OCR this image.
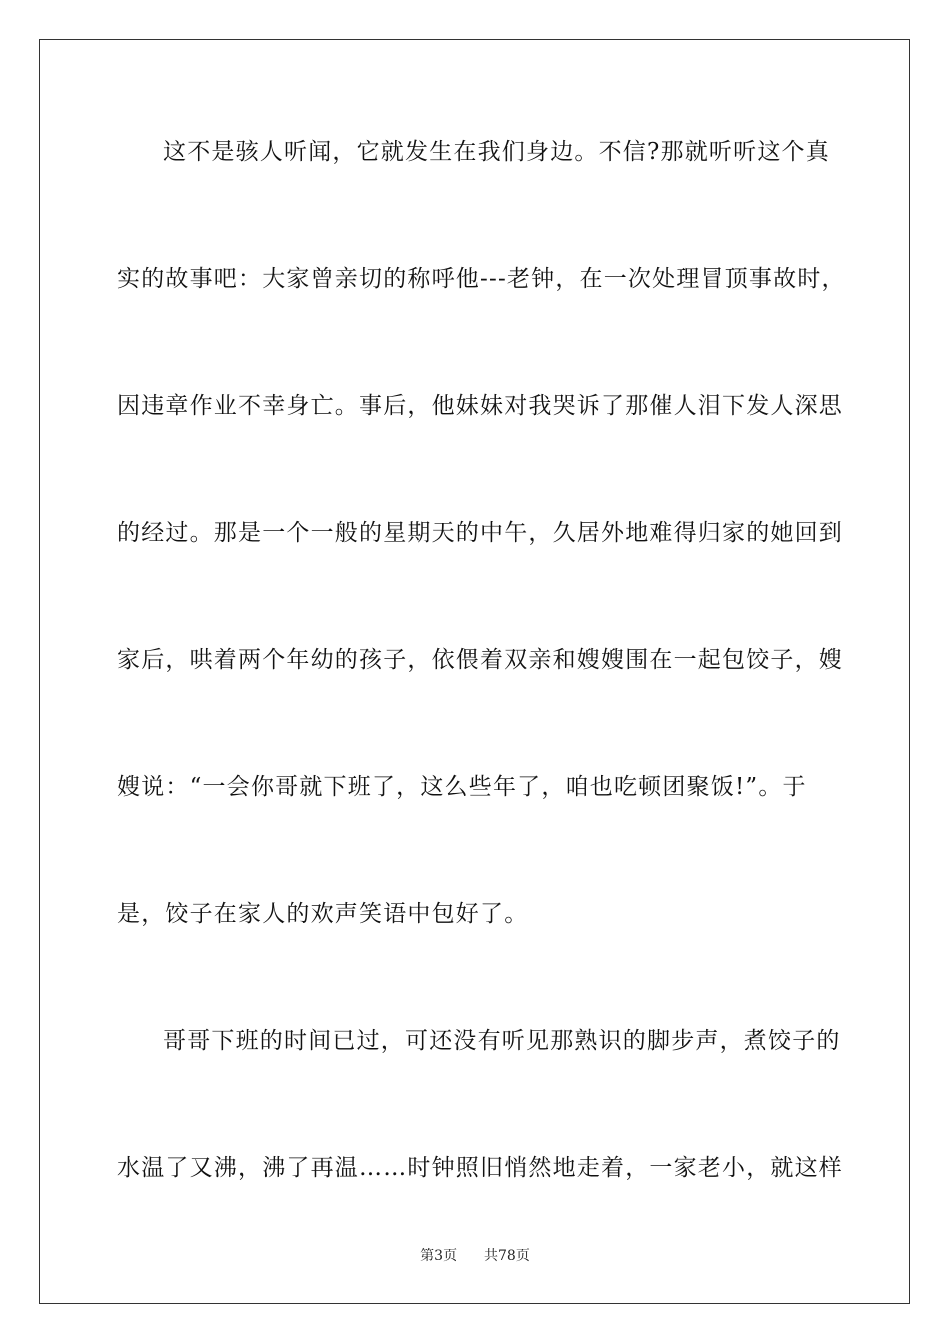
这不是骇人听闻，它就发生在我们身边。不信?那就听听这个真
实的故事吧：大家曾亲切的称呼他---老钟，在一次处理冒顶事故时，
因违章作业不幸身亡。事后，他妹妹对我哭诉了那催人泪下发人深思
的经过。那是一个一般的星期天的中午，久居外地难得归家的她回到
家后，哄着两个年幼的孩子，依偎着双亲和嫂嫂围在一起包饺子，嫂
嫂说：“一会你哥就下班了，这么些年了，咱也吃顿团聚饭!”。于
是，饺子在家人的欢声笑语中包好了。
哥哥下班的时间已过，可还没有听见那熟识的脚步声，煮饺子的
水温了又沸，沸了再温……时钟照旧悄然地走着，一家老小，就这样
第3页 共78页
